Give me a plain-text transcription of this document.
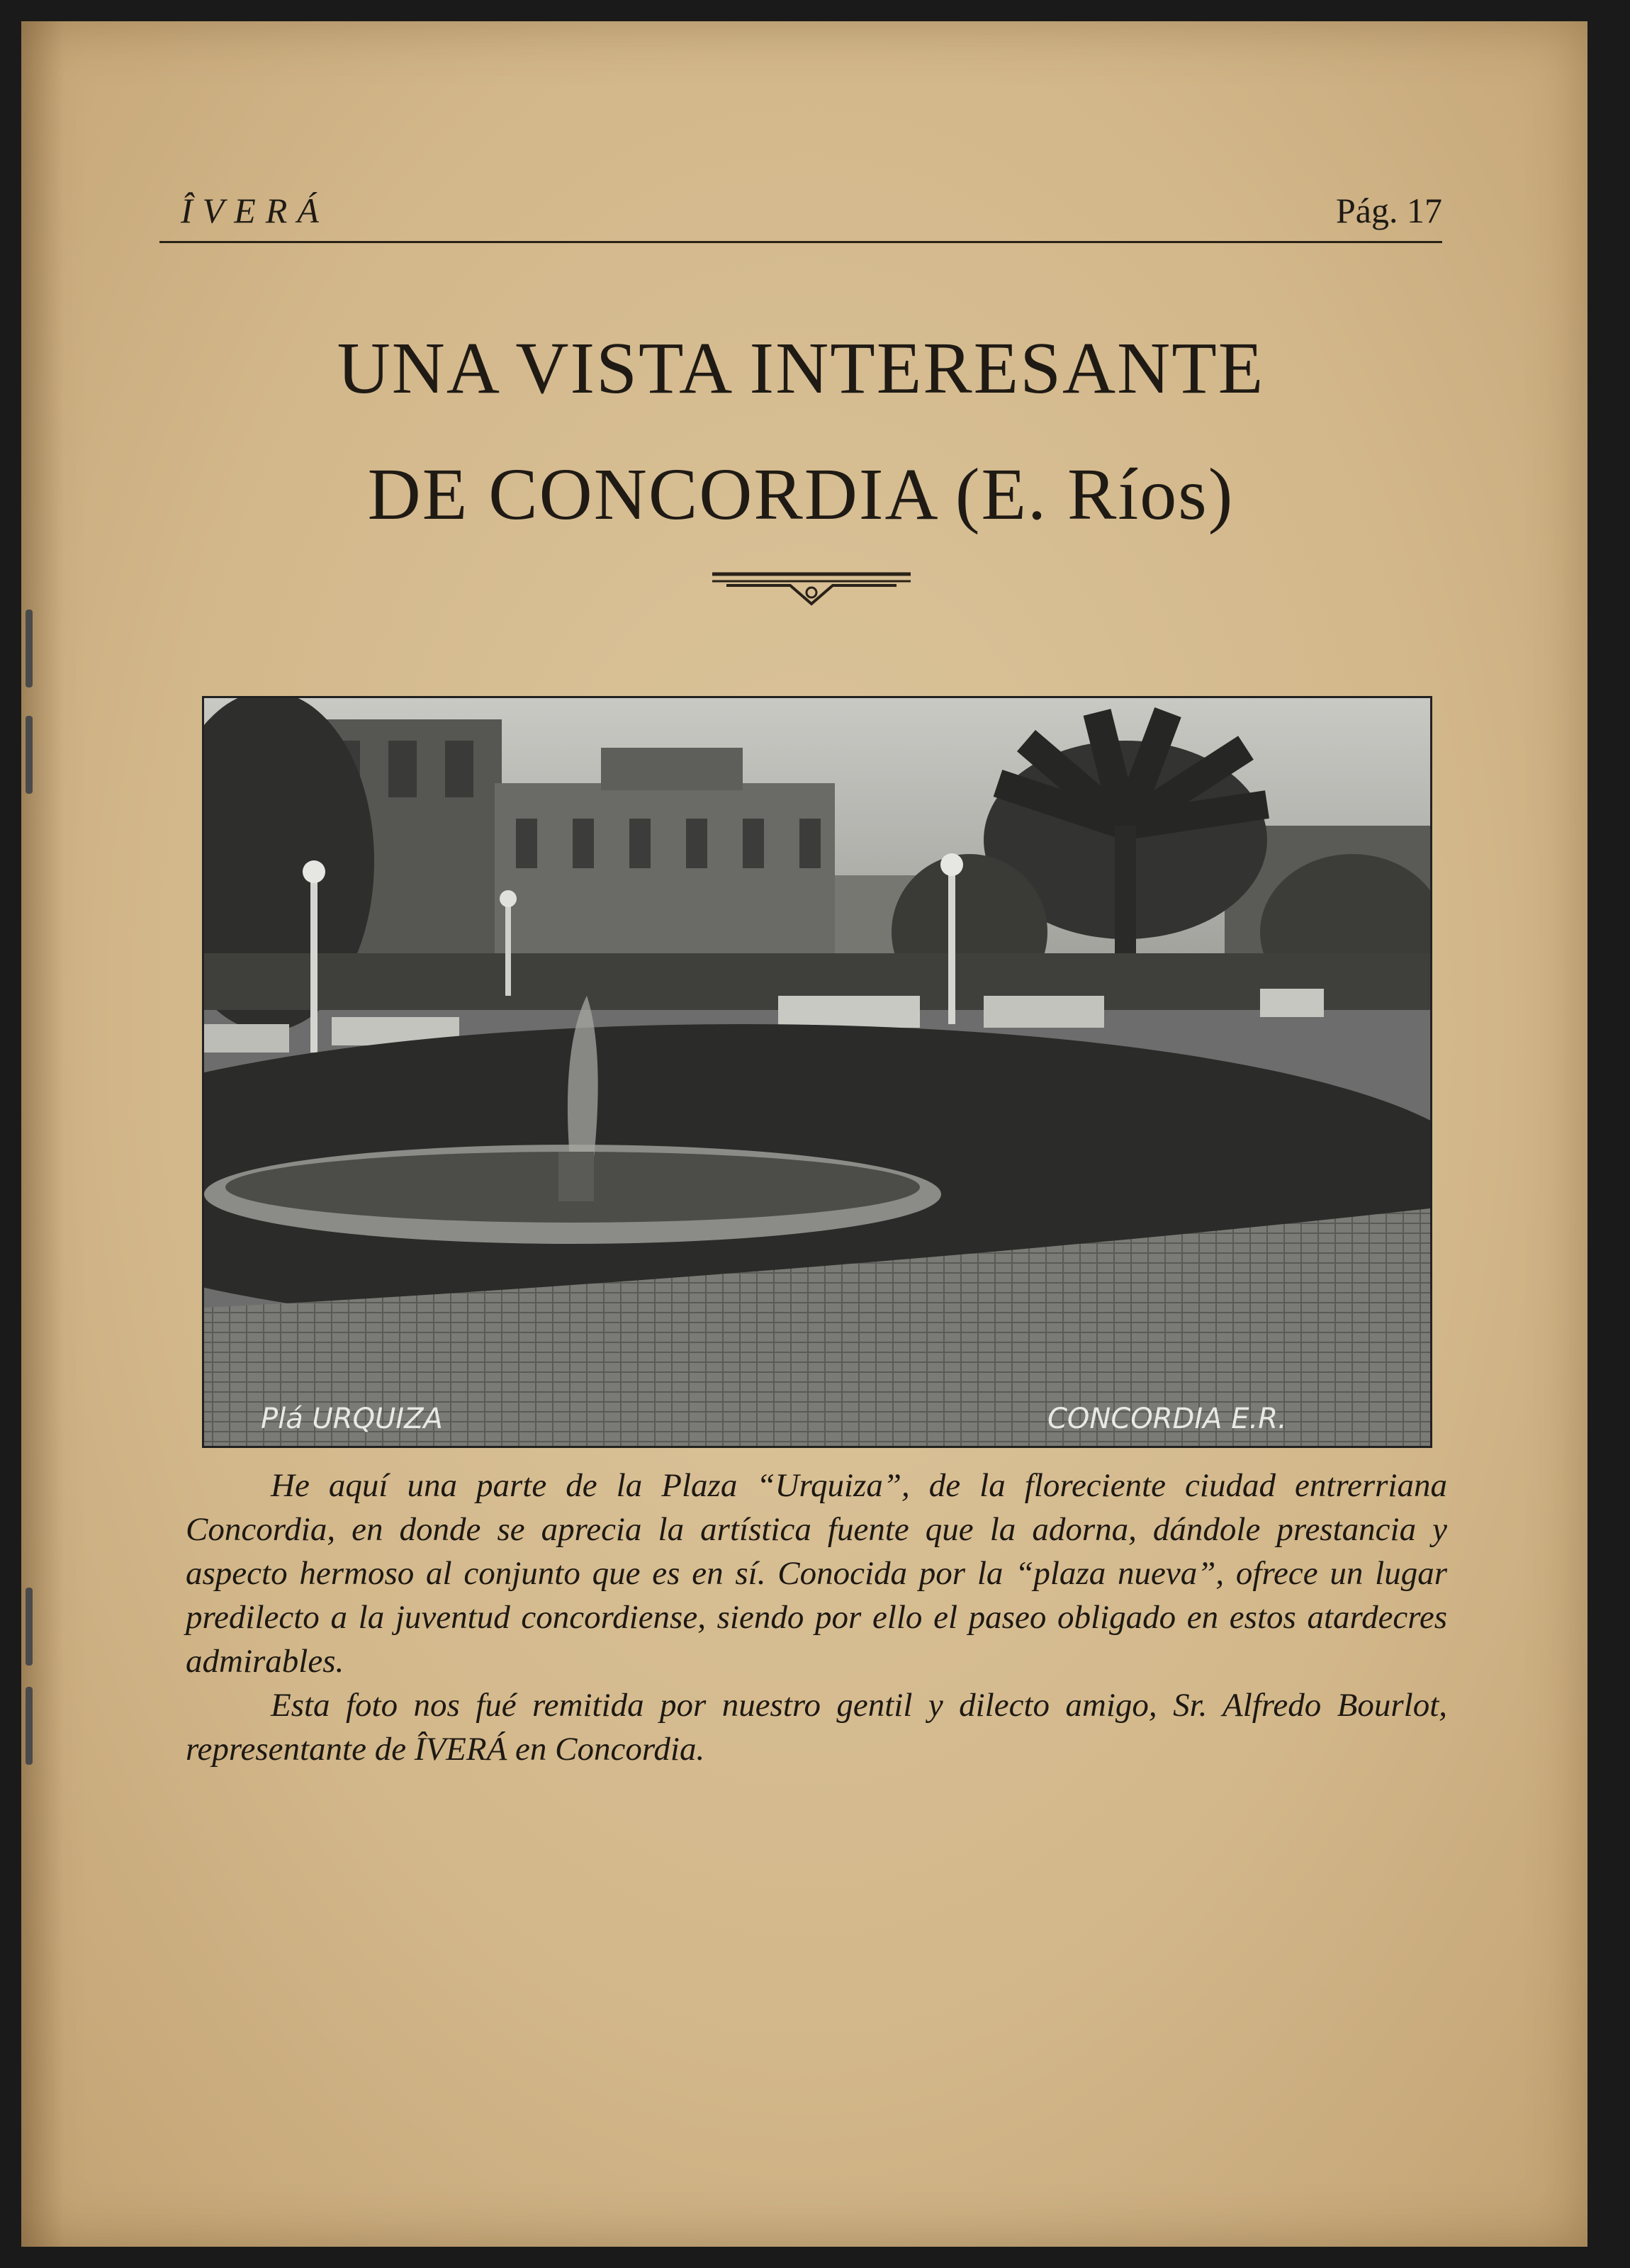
ÎVERÁ	Pág. 17
UNA VISTA INTERESANTE
DE CONCORDIA (E. Ríos)
Plá URQUIZA	CONCORDIA E.R.

He aquí una parte de la Plaza “Urquiza”, de la floreciente ciudad entrerriana Concordia, en donde se aprecia la artística fuente que la adorna, dándole prestancia y aspecto hermoso al conjunto que es en sí. Conocida por la “plaza nueva”, ofrece un lugar predilecto a la juventud concordiense, siendo por ello el paseo obligado en estos atardecres admirables.

Esta foto nos fué remitida por nuestro gentil y dilecto amigo, Sr. Alfredo Bourlot, representante de ÎVERÁ en Concordia.
